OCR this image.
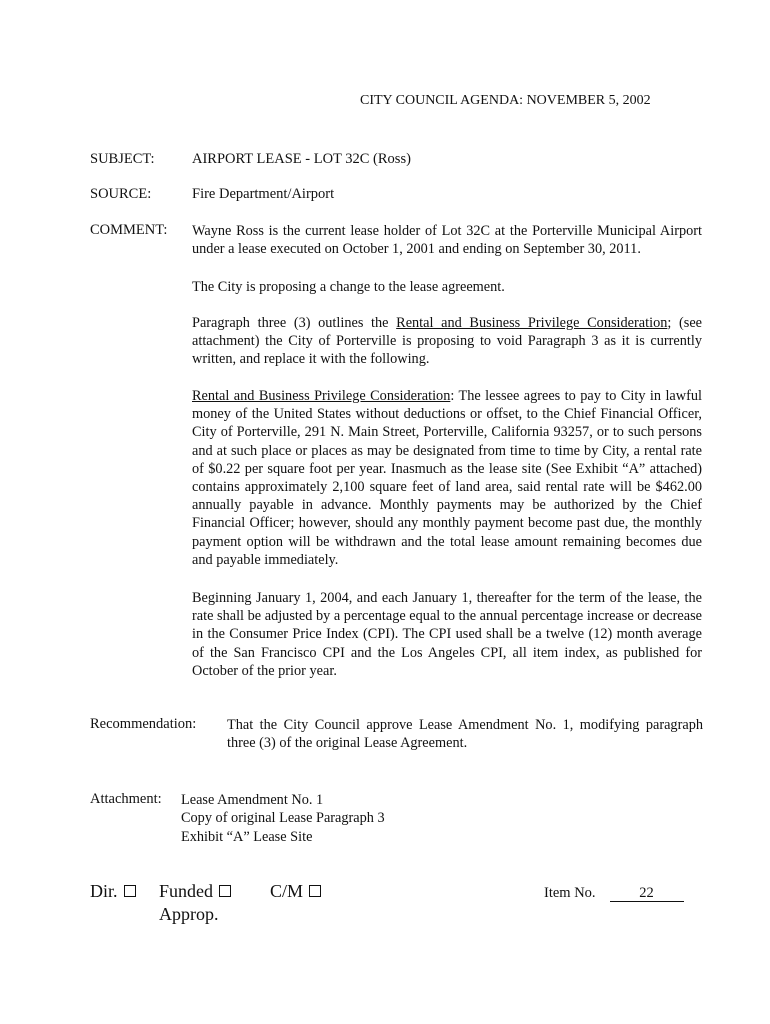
CITY COUNCIL AGENDA: NOVEMBER 5, 2002
SUBJECT:	AIRPORT LEASE - LOT 32C (Ross)
SOURCE:	Fire Department/Airport
COMMENT: Wayne Ross is the current lease holder of Lot 32C at the Porterville Municipal Airport under a lease executed on October 1, 2001 and ending on September 30, 2011.

The City is proposing a change to the lease agreement.

Paragraph three (3) outlines the Rental and Business Privilege Consideration; (see attachment) the City of Porterville is proposing to void Paragraph 3 as it is currently written, and replace it with the following.

Rental and Business Privilege Consideration: The lessee agrees to pay to City in lawful money of the United States without deductions or offset, to the Chief Financial Officer, City of Porterville, 291 N. Main Street, Porterville, California 93257, or to such persons and at such place or places as may be designated from time to time by City, a rental rate of $0.22 per square foot per year. Inasmuch as the lease site (See Exhibit “A” attached) contains approximately 2,100 square feet of land area, said rental rate will be $462.00 annually payable in advance. Monthly payments may be authorized by the Chief Financial Officer; however, should any monthly payment become past due, the monthly payment option will be withdrawn and the total lease amount remaining becomes due and payable immediately.

Beginning January 1, 2004, and each January 1, thereafter for the term of the lease, the rate shall be adjusted by a percentage equal to the annual percentage increase or decrease in the Consumer Price Index (CPI). The CPI used shall be a twelve (12) month average of the San Francisco CPI and the Los Angeles CPI, all item index, as published for October of the prior year.

Recommendation: That the City Council approve Lease Amendment No. 1, modifying paragraph three (3) of the original Lease Agreement.
Attachment: Lease Amendment No. 1
Copy of original Lease Paragraph 3
Exhibit “A” Lease Site
Dir.	Funded
Approp.
C/M	Item No.	22
